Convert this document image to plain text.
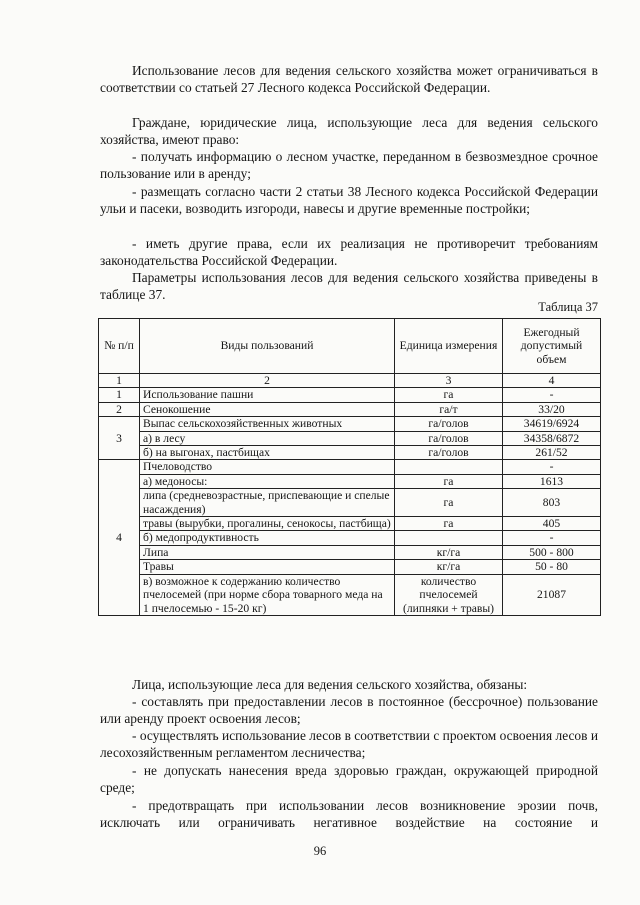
Использование лесов для ведения сельского хозяйства может ограничиваться в соответствии со статьей 27 Лесного кодекса Российской Федерации.

Граждане, юридические лица, использующие леса для ведения сельского хозяйства, имеют право:

- получать информацию о лесном участке, переданном в безвозмездное срочное пользование или в аренду;

- размещать согласно части 2 статьи 38 Лесного кодекса Российской Федерации ульи и пасеки, возводить изгороди, навесы и другие временные постройки;

- иметь другие права, если их реализация не противоречит требованиям законодательства Российской Федерации.

Параметры использования лесов для ведения сельского хозяйства приведены в таблице 37.

Таблица 37
№ п/п	Виды пользований	Единица измерения	Ежегодный допустимый объем
1	2	3	4
1	Использование пашни	га	-
2	Сенокошение	га/т	33/20
3	Выпас сельскохозяйственных животных	га/голов	34619/6924
	а) в лесу	га/голов	34358/6872
	б) на выгонах, пастбищах	га/голов	261/52
4	Пчеловодство		-
	а) медоносы:	га	1613
	липа (средневозрастные, приспевающие и спелые насаждения)	га	803
	травы (вырубки, прогалины, сенокосы, пастбища)	га	405
	б) медопродуктивность		-
	Липа	кг/га	500 - 800
	Травы	кг/га	50 - 80
	в) возможное к содержанию количество пчелосемей (при норме сбора товарного меда на 1 пчелосемью - 15-20 кг)	количество пчелосемей (липняки + травы)	21087

Лица, использующие леса для ведения сельского хозяйства, обязаны:

- составлять при предоставлении лесов в постоянное (бессрочное) пользование или аренду проект освоения лесов;

- осуществлять использование лесов в соответствии с проектом освоения лесов и лесохозяйственным регламентом лесничества;

- не допускать нанесения вреда здоровью граждан, окружающей природной среде;

- предотвращать при использовании лесов возникновение эрозии почв, исключать или ограничивать негативное воздействие на состояние и

96
